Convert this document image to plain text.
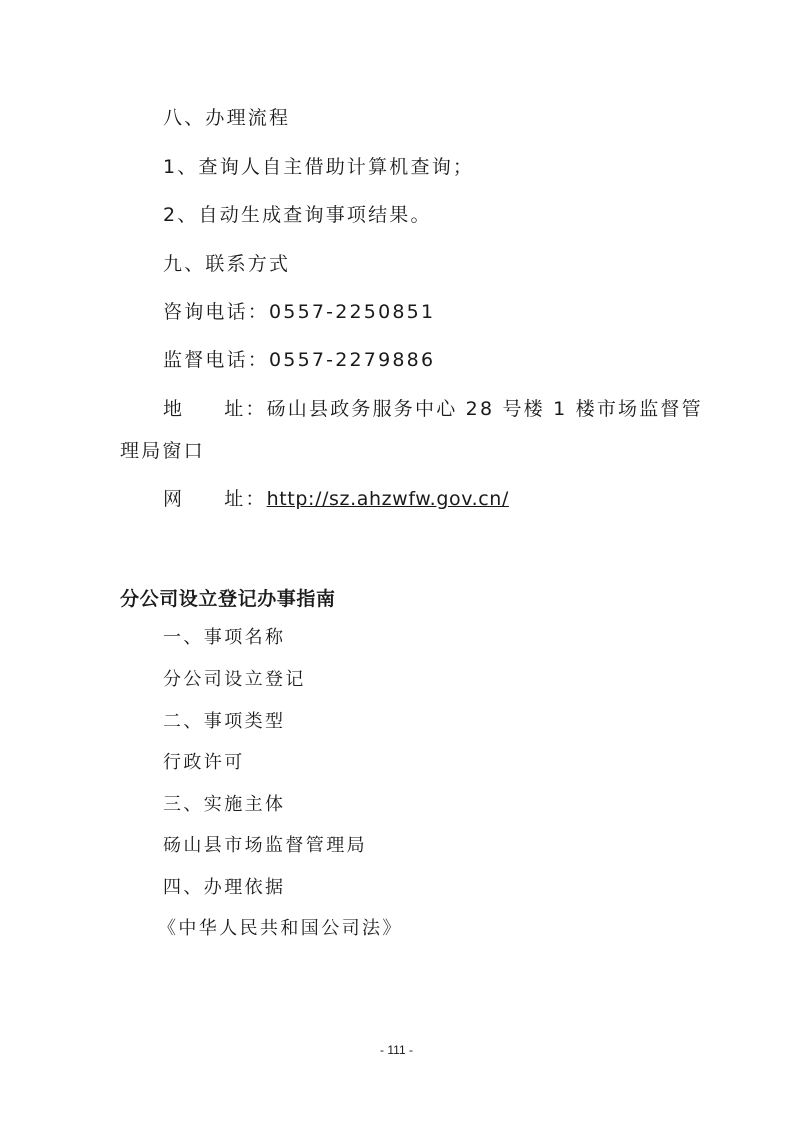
八、办理流程
1、查询人自主借助计算机查询；
2、自动生成查询事项结果。
九、联系方式
咨询电话：0557-2250851
监督电话：0557-2279886
地 址：砀山县政务服务中心 28 号楼 1 楼市场监督管
理局窗口
网 址：http://sz.ahzwfw.gov.cn/
分公司设立登记办事指南
一、事项名称
分公司设立登记
二、事项类型
行政许可
三、实施主体
砀山县市场监督管理局
四、办理依据
《中华人民共和国公司法》
- 111 -
